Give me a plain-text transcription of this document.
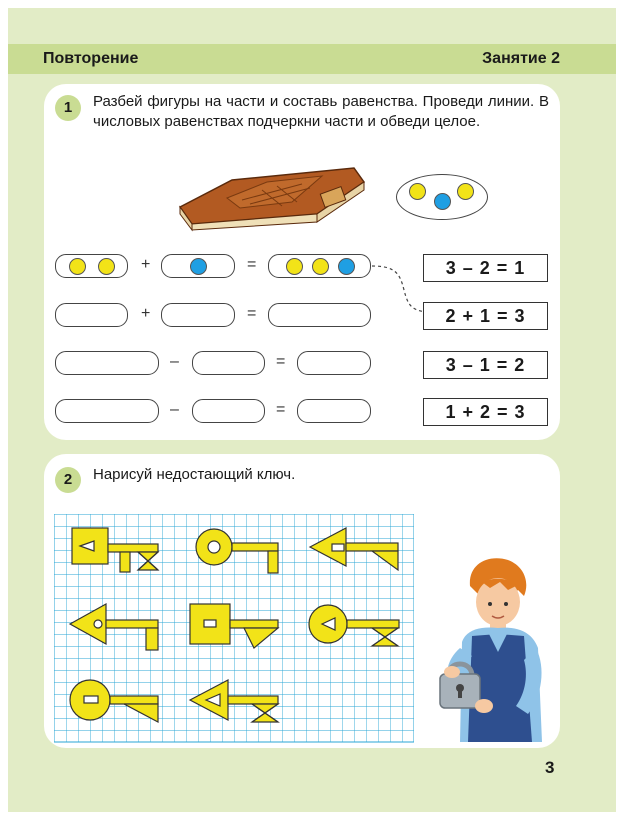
Повторение	Занятие 2
1	Разбей фигуры на части и составь равенства. Проведи линии. В числовых равенствах подчеркни части и обведи целое.
+	=
+	=
–	=
–	=
3 – 2 = 1
2 + 1 = 3
3 – 1 = 2
1 + 2 = 3
2	Нарисуй недостающий ключ.
3
